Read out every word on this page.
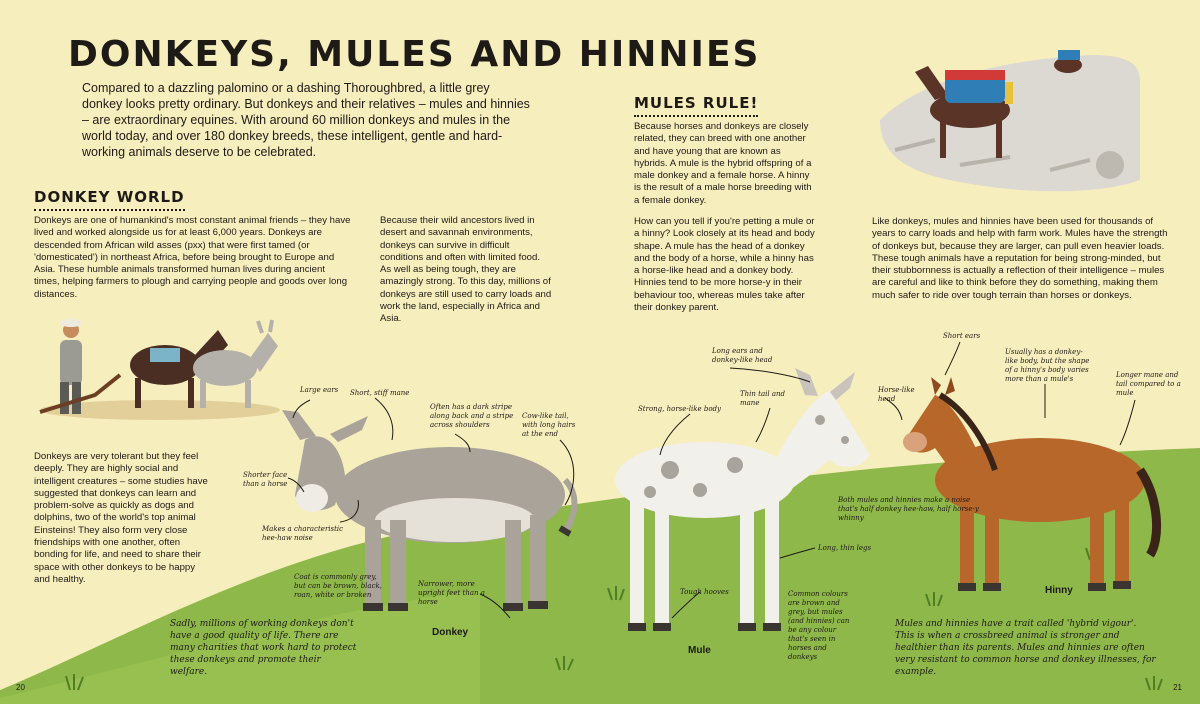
DONKEYS, MULES AND HINNIES
Compared to a dazzling palomino or a dashing Thoroughbred, a little grey donkey looks pretty ordinary. But donkeys and their relatives – mules and hinnies – are extraordinary equines. With around 60 million donkeys and mules in the world today, and over 180 donkey breeds, these intelligent, gentle and hard-working animals deserve to be celebrated.
DONKEY WORLD
Donkeys are one of humankind's most constant animal friends – they have lived and worked alongside us for at least 6,000 years. Donkeys are descended from African wild asses (pxx) that were first tamed (or 'domesticated') in northeast Africa, before being brought to Europe and Asia. These humble animals transformed human lives during ancient times, helping farmers to plough and carrying people and goods over long distances.
Because their wild ancestors lived in desert and savannah environments, donkeys can survive in difficult conditions and often with limited food. As well as being tough, they are amazingly strong. To this day, millions of donkeys are still used to carry loads and work the land, especially in Africa and Asia.
Donkeys are very tolerant but they feel deeply. They are highly social and intelligent creatures – some studies have suggested that donkeys can learn and problem-solve as quickly as dogs and dolphins, two of the world's top animal Einsteins! They also form very close friendships with one another, often bonding for life, and need to share their space with other donkeys to be happy and healthy.
Sadly, millions of working donkeys don't have a good quality of life. There are many charities that work hard to protect these donkeys and promote their welfare.
MULES RULE!
Because horses and donkeys are closely related, they can breed with one another and have young that are known as hybrids. A mule is the hybrid offspring of a male donkey and a female horse. A hinny is the result of a male horse breeding with a female donkey.
How can you tell if you're petting a mule or a hinny? Look closely at its head and body shape. A mule has the head of a donkey and the body of a horse, while a hinny has a horse-like head and a donkey body. Hinnies tend to be more horse-y in their behaviour too, whereas mules take after their donkey parent.
Like donkeys, mules and hinnies have been used for thousands of years to carry loads and help with farm work. Mules have the strength of donkeys but, because they are larger, can pull even heavier loads. These tough animals have a reputation for being strong-minded, but their stubbornness is actually a reflection of their intelligence – mules are careful and like to think before they do something, making them much safer to ride over tough terrain than horses or donkeys.
Mules and hinnies have a trait called 'hybrid vigour'. This is when a crossbreed animal is stronger and healthier than its parents. Mules and hinnies are often very resistant to common horse and donkey illnesses, for example.
Large ears	Short, stiff mane
Often has a dark stripe along back and a stripe across shoulders
Cow-like tail, with long hairs at the end
Shorter face than a horse
Makes a characteristic hee-haw noise
Coat is commonly grey, but can be brown, black, roan, white or broken
Narrower, more upright feet than a horse
Donkey
Long ears and donkey-like head
Strong, horse-like body
Thin tail and mane
Both mules and hinnies make a noise that's half donkey hee-haw, half horse-y whinny
Long, thin legs
Tough hooves	Common colours are brown and grey, but mules (and hinnies) can be any colour that's seen in horses and donkeys
Mule
Short ears
Horse-like head
Usually has a donkey-like body, but the shape of a hinny's body varies more than a mule's	Longer mane and tail compared to a mule
Hinny
20	21
